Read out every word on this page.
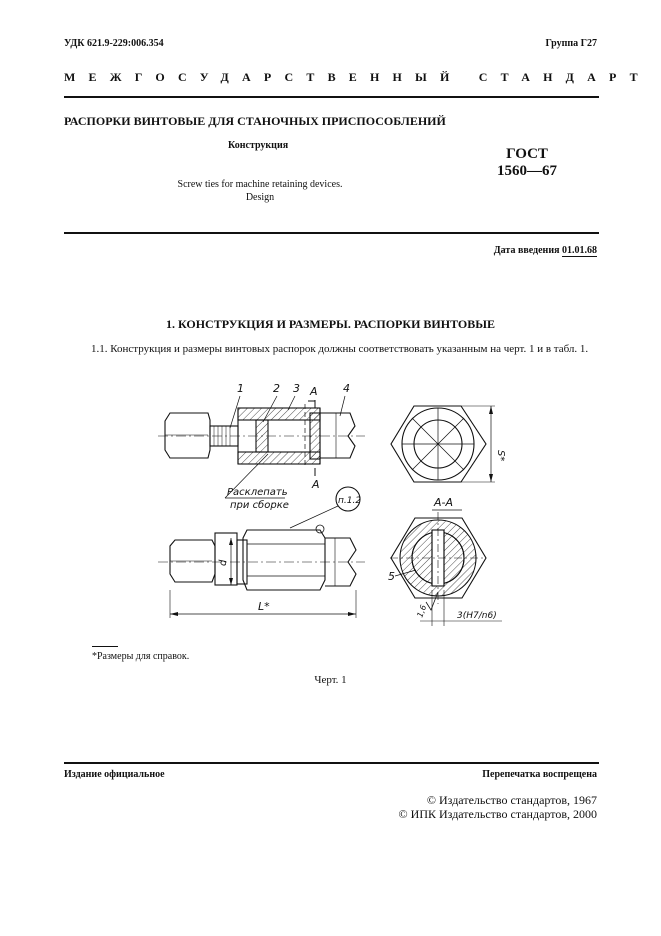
УДК 621.9-229:006.354	Группа Г27
МЕЖГОСУДАРСТВЕННЫЙ СТАНДАРТ
РАСПОРКИ ВИНТОВЫЕ ДЛЯ СТАНОЧНЫХ ПРИСПОСОБЛЕНИЙ
Конструкция
ГОСТ
1560—67
Screw ties for machine retaining devices.
Design
Дата введения 01.01.68
1. КОНСТРУКЦИЯ И РАЗМЕРЫ. РАСПОРКИ ВИНТОВЫЕ
1.1. Конструкция и размеры винтовых распорок должны соответствовать указанным на черт. 1 и в табл. 1.
1	2 3 А 4
А
Расклепать
при сборке	п.1.2
d
L*
S*
А-А
5
1,6	3(H7/n6)
*Размеры для справок.
Черт. 1
Издание официальное	Перепечатка воспрещена
© Издательство стандартов, 1967
© ИПК Издательство стандартов, 2000
